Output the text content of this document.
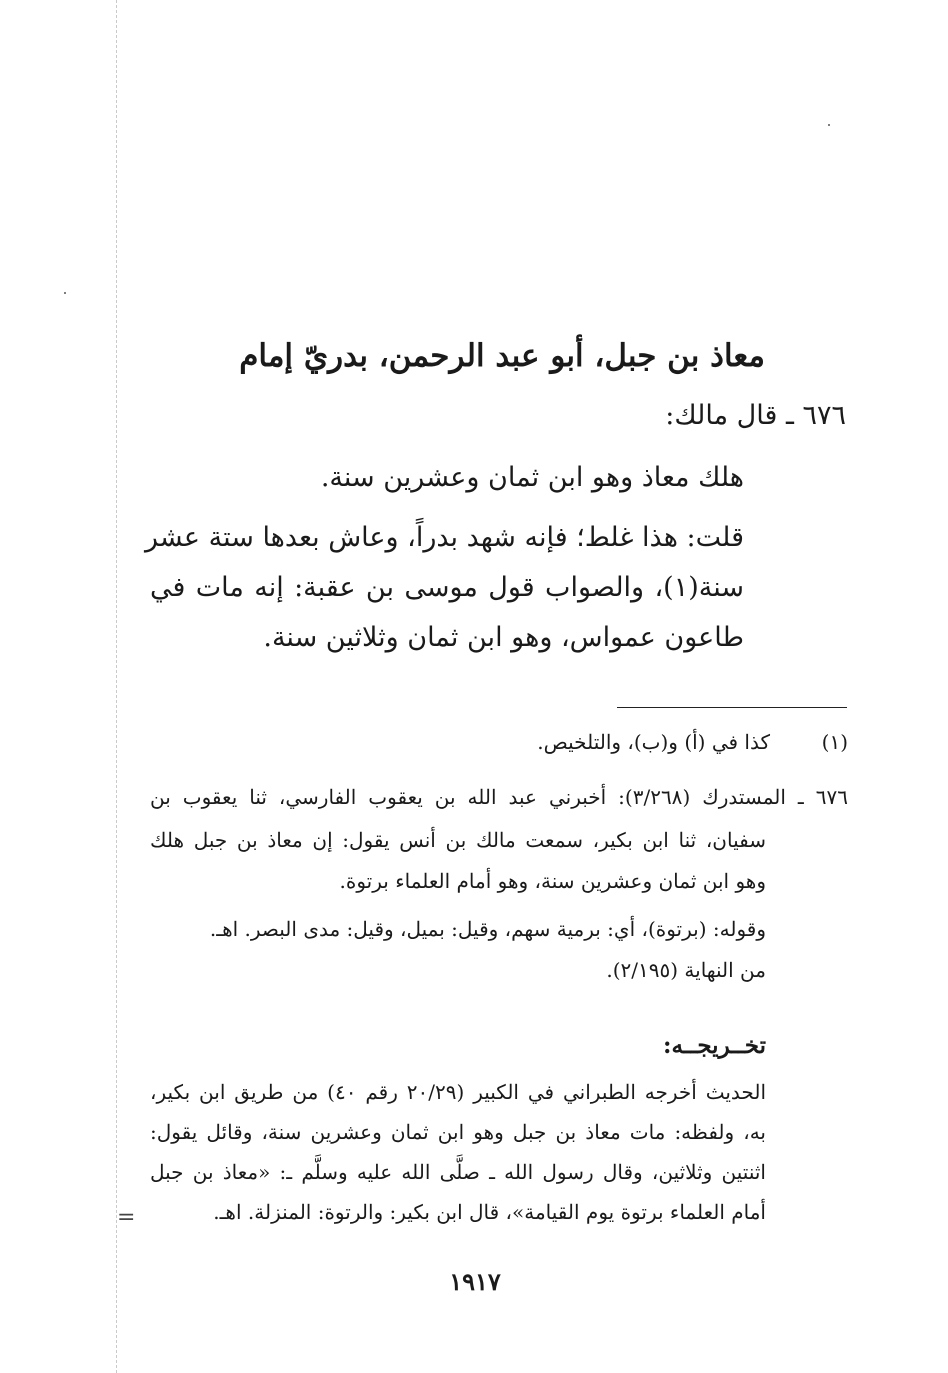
=
معاذ بن جبل، أبو عبد الرحمن، بدريّ إمام
٦٧٦ ـ قال مالك:
هلك معاذ وهو ابن ثمان وعشرين سنة.
قلت: هذا غلط؛ فإنه شهد بدراً، وعاش بعدها ستة عشر
سنة(١)، والصواب قول موسى بن عقبة: إنه مات في
طاعون عمواس، وهو ابن ثمان وثلاثين سنة.
(١)
كذا في (أ) و(ب)، والتلخيص.
٦٧٦ ـ المستدرك (٣/٢٦٨): أخبرني عبد الله بن يعقوب الفارسي، ثنا يعقوب بن
سفيان، ثنا ابن بكير، سمعت مالك بن أنس يقول: إن معاذ بن جبل هلك
وهو ابن ثمان وعشرين سنة، وهو أمام العلماء برتوة.
وقوله: (برتوة)، أي: برمية سهم، وقيل: بميل، وقيل: مدى البصر. اهـ.
من النهاية (٢/١٩٥).
تخــريجــه:
الحديث أخرجه الطبراني في الكبير (٢٠/٢٩ رقم ٤٠) من طريق ابن بكير،
به، ولفظه: مات معاذ بن جبل وهو ابن ثمان وعشرين سنة، وقائل يقول:
اثنتين وثلاثين، وقال رسول الله ـ صلَّى الله عليه وسلَّم ـ: «معاذ بن جبل
أمام العلماء برتوة يوم القيامة»، قال ابن بكير: والرتوة: المنزلة. اهـ.
١٩١٧
